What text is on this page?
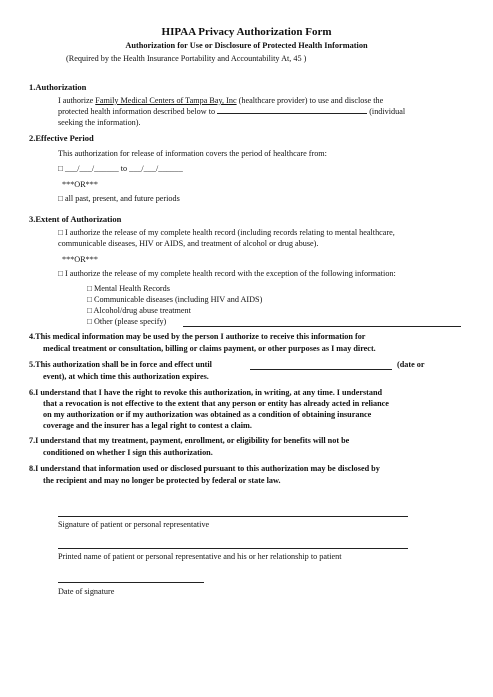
HIPAA Privacy Authorization Form
Authorization for Use or Disclosure of Protected Health Information
(Required by the Health Insurance Portability and Accountability At, 45 )
1.Authorization
I authorize Family Medical Centers of Tampa Bay, Inc (healthcare provider) to use and disclose the
protected health information described below to	(individual
seeking the information).
2.Effective Period
This authorization for release of information covers the period of healthcare from:
□ ___/___/______ to ___/___/______
***OR***
□ all past, present, and future periods
3.Extent of Authorization
□ I authorize the release of my complete health record (including records relating to mental healthcare,
communicable diseases, HIV or AIDS, and treatment of alcohol or drug abuse).
***OR***
□ I authorize the release of my complete health record with the exception of the following information:
□ Mental Health Records
□ Communicable diseases (including HIV and AIDS)
□ Alcohol/drug abuse treatment
□ Other (please specify)
4.This medical information may be used by the person I authorize to receive this information for
medical treatment or consultation, billing or claims payment, or other purposes as I may direct.
5.This authorization shall be in force and effect until	(date or
event), at which time this authorization expires.
6.I understand that I have the right to revoke this authorization, in writing, at any time. I understand
that a revocation is not effective to the extent that any person or entity has already acted in reliance
on my authorization or if my authorization was obtained as a condition of obtaining insurance
coverage and the insurer has a legal right to contest a claim.
7.I understand that my treatment, payment, enrollment, or eligibility for benefits will not be
conditioned on whether I sign this authorization.
8.I understand that information used or disclosed pursuant to this authorization may be disclosed by
the recipient and may no longer be protected by federal or state law.
Signature of patient or personal representative
Printed name of patient or personal representative and his or her relationship to patient
Date of signature
